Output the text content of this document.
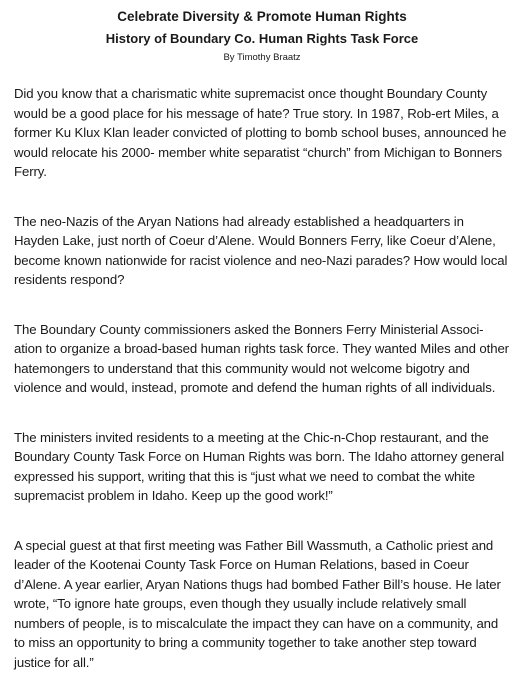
Celebrate Diversity & Promote Human Rights
History of Boundary Co. Human Rights Task Force
By Timothy Braatz

Did you know that a charismatic white supremacist once thought Boundary County would be a good place for his message of hate? True story. In 1987, Rob-ert Miles, a former Ku Klux Klan leader convicted of plotting to bomb school buses, announced he would relocate his 2000- member white separatist “church” from Michigan to Bonners Ferry.

The neo-Nazis of the Aryan Nations had already established a headquarters in Hayden Lake, just north of Coeur d’Alene. Would Bonners Ferry, like Coeur d’Alene, become known nationwide for racist violence and neo-Nazi parades? How would local residents respond?

The Boundary County commissioners asked the Bonners Ferry Ministerial Associ-ation to organize a broad-based human rights task force. They wanted Miles and other hatemongers to understand that this community would not welcome bigotry and violence and would, instead, promote and defend the human rights of all individuals.

The ministers invited residents to a meeting at the Chic-n-Chop restaurant, and the Boundary County Task Force on Human Rights was born. The Idaho attorney general expressed his support, writing that this is “just what we need to combat the white supremacist problem in Idaho. Keep up the good work!”

A special guest at that first meeting was Father Bill Wassmuth, a Catholic priest and leader of the Kootenai County Task Force on Human Relations, based in Coeur d’Alene. A year earlier, Aryan Nations thugs had bombed Father Bill’s house. He later wrote, “To ignore hate groups, even though they usually include relatively small numbers of people, is to miscalculate the impact they can have on a community, and to miss an opportunity to bring a community together to take another step toward justice for all.”
